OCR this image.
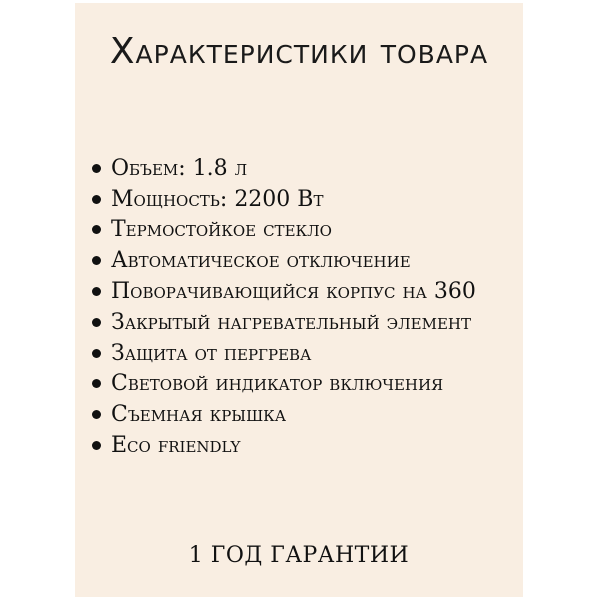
Характеристики товара
Объем: 1.8 л
Мощность: 2200 Вт
Термостойкое стекло
Автоматическое отключение
Поворачивающийся корпус на 360
Закрытый нагревательный элемент
Защита от пергрева
Световой индикатор включения
Съемная крышка
Eco friendly
1 ГОД ГАРАНТИИ
